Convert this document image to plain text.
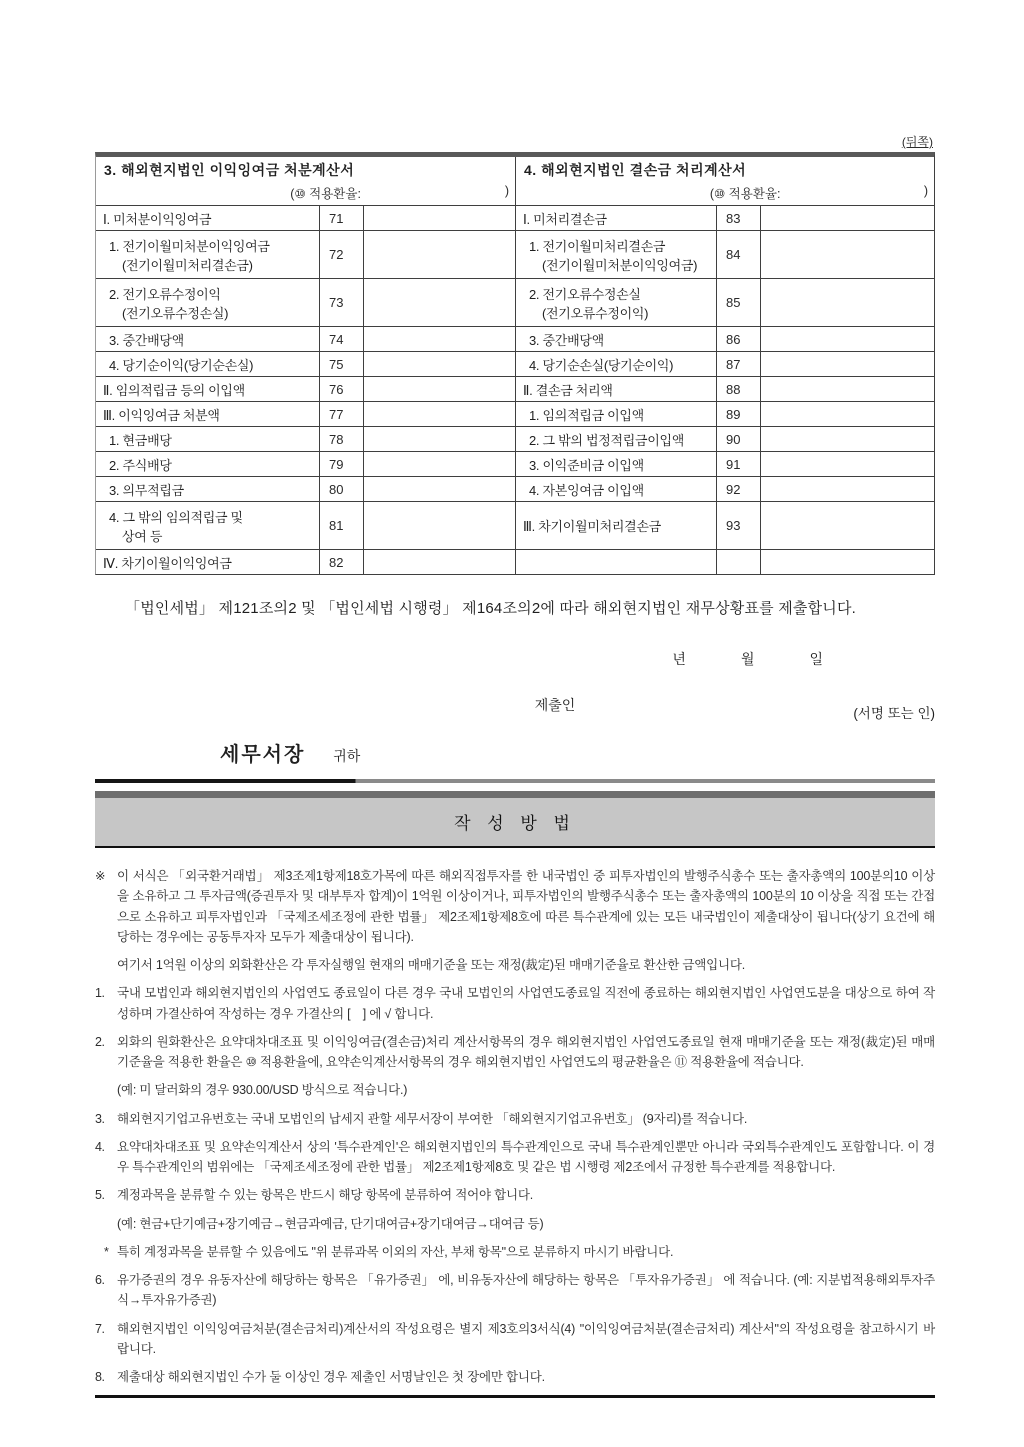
(뒤쪽)
3. 해외현지법인 이익잉여금 처분계산서
(⑩ 적용환율:	)
Ⅰ. 미처분이익잉여금	71
1. 전기이월미처분이익잉여금
(전기이월미처리결손금)
72
2. 전기오류수정이익
(전기오류수정손실)
73
3. 중간배당액	74
4. 당기순이익(당기순손실)	75
Ⅱ. 임의적립금 등의 이입액	76
Ⅲ. 이익잉여금 처분액	77
1. 현금배당	78
2. 주식배당	79
3. 의무적립금	80
4. 그 밖의 임의적립금 및
상여 등
81
Ⅳ. 차기이월이익잉여금	82
4. 해외현지법인 결손금 처리계산서
(⑩ 적용환율:	)
Ⅰ. 미처리결손금	83
1. 전기이월미처리결손금
(전기이월미처분이익잉여금)
84
2. 전기오류수정손실
(전기오류수정이익)
85
3. 중간배당액	86
4. 당기순손실(당기순이익)	87
Ⅱ. 결손금 처리액	88
1. 임의적립금 이입액	89
2. 그 밖의 법정적립금이입액	90
3. 이익준비금 이입액	91
4. 자본잉여금 이입액	92
Ⅲ. 차기이월미처리결손금	93
「법인세법」 제121조의2 및 「법인세법 시행령」 제164조의2에 따라 해외현지법인 재무상황표를 제출합니다.
년	월	일
제출인
(서명 또는 인)
세무서장 귀하
작 성 방 법
※ 이 서식은 「외국환거래법」 제3조제1항제18호가목에 따른 해외직접투자를 한 내국법인 중 피투자법인의 발행주식총수 또는 출자총액의 100분의10 이상을 소유하고 그 투자금액(증권투자 및 대부투자 합계)이 1억원 이상이거나, 피투자법인의 발행주식총수 또는 출자총액의 100분의 10 이상을 직접 또는 간접으로 소유하고 피투자법인과 「국제조세조정에 관한 법률」 제2조제1항제8호에 따른 특수관계에 있는 모든 내국법인이 제출대상이 됩니다(상기 요건에 해당하는 경우에는 공동투자자 모두가 제출대상이 됩니다).
여기서 1억원 이상의 외화환산은 각 투자실행일 현재의 매매기준율 또는 재정(裁定)된 매매기준율로 환산한 금액입니다.
1.	국내 모법인과 해외현지법인의 사업연도 종료일이 다른 경우 국내 모법인의 사업연도종료일 직전에 종료하는 해외현지법인 사업연도분을 대상으로 하여 작성하며 가결산하여 작성하는 경우 가결산의 [　] 에 √ 합니다.
2.	외화의 원화환산은 요약대차대조표 및 이익잉여금(결손금)처리 계산서항목의 경우 해외현지법인 사업연도종료일 현재 매매기준율 또는 재정(裁定)된 매매기준율을 적용한 환율은 ⑩ 적용환율에, 요약손익계산서항목의 경우 해외현지법인 사업연도의 평균환율은 ⑪ 적용환율에 적습니다.
(예: 미 달러화의 경우 930.00/USD 방식으로 적습니다.)
3.	해외현지기업고유번호는 국내 모법인의 납세지 관할 세무서장이 부여한 「해외현지기업고유번호」 (9자리)를 적습니다.
4.	요약대차대조표 및 요약손익계산서 상의 '특수관계인'은 해외현지법인의 특수관계인으로 국내 특수관계인뿐만 아니라 국외특수관계인도 포함합니다. 이 경우 특수관계인의 범위에는 「국제조세조정에 관한 법률」 제2조제1항제8호 및 같은 법 시행령 제2조에서 규정한 특수관계를 적용합니다.
5.	계정과목을 분류할 수 있는 항목은 반드시 해당 항목에 분류하여 적어야 합니다.
(예: 현금+단기예금+장기예금→현금과예금, 단기대여금+장기대여금→대여금 등)
* 특히 계정과목을 분류할 수 있음에도 "위 분류과목 이외의 자산, 부채 항목"으로 분류하지 마시기 바랍니다.
6.	유가증권의 경우 유동자산에 해당하는 항목은 「유가증권」 에, 비유동자산에 해당하는 항목은 「투자유가증권」 에 적습니다. (예: 지분법적용해외투자주식→투자유가증권)
7.	해외현지법인 이익잉여금처분(결손금처리)계산서의 작성요령은 별지 제3호의3서식(4) "이익잉여금처분(결손금처리) 계산서"의 작성요령을 참고하시기 바랍니다.
8.	제출대상 해외현지법인 수가 둘 이상인 경우 제출인 서명날인은 첫 장에만 합니다.
